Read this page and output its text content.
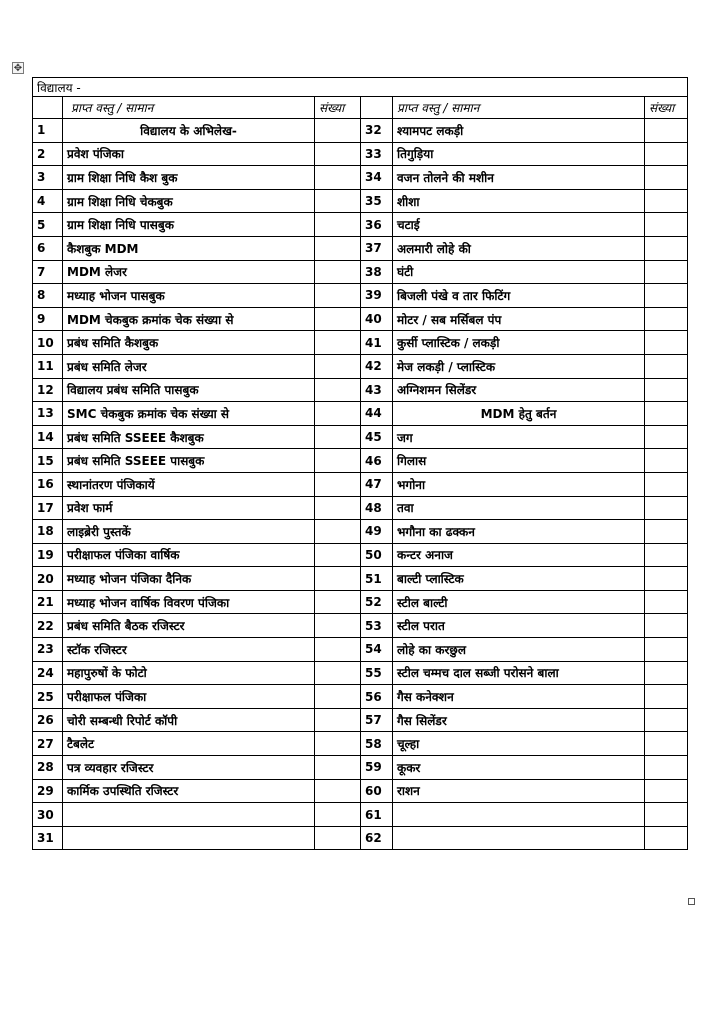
✥
विद्यालय -					
	प्राप्त वस्तु / सामान	संख्या		प्राप्त वस्तु / सामान	संख्या
1	विद्यालय के अभिलेख-		32	श्यामपट लकड़ी	
2	प्रवेश पंजिका		33	तिगुड़िया	
3	ग्राम शिक्षा निधि कैश बुक		34	वजन तोलने की मशीन	
4	ग्राम शिक्षा निधि चेकबुक		35	शीशा	
5	ग्राम शिक्षा निधि पासबुक		36	चटाई	
6	कैशबुक MDM		37	अलमारी लोहे की	
7	MDM लेजर		38	घंटी	
8	मध्याह भोजन पासबुक		39	बिजली पंखे व तार फिटिंग	
9	MDM चेकबुक क्रमांक चेक संख्या से		40	मोटर / सब मर्सिबल पंप	
10	प्रबंध समिति कैशबुक		41	कुर्सी प्लास्टिक / लकड़ी	
11	प्रबंध समिति लेजर		42	मेज लकड़ी / प्लास्टिक	
12	विद्यालय प्रबंध समिति पासबुक		43	अग्निशमन सिलेंडर	
13	SMC चेकबुक क्रमांक चेक संख्या से		44	MDM हेतु बर्तन	
14	प्रबंध समिति SSEEE कैशबुक		45	जग	
15	प्रबंध समिति SSEEE पासबुक		46	गिलास	
16	स्थानांतरण पंजिकायें		47	भगोना	
17	प्रवेश फार्म		48	तवा	
18	लाइब्रेरी पुस्तकें		49	भगौना का ढक्कन	
19	परीक्षाफल पंजिका वार्षिक		50	कन्टर अनाज	
20	मध्याह भोजन पंजिका दैनिक		51	बाल्टी प्लास्टिक	
21	मध्याह भोजन वार्षिक विवरण पंजिका		52	स्टील बाल्टी	
22	प्रबंध समिति बैठक रजिस्टर		53	स्टील परात	
23	स्टॉक रजिस्टर		54	लोहे का करछुल	
24	महापुरुषों के फोटो		55	स्टील चम्मच दाल सब्जी परोसने बाला	
25	परीक्षाफल पंजिका		56	गैस कनेक्शन	
26	चोरी सम्बन्धी रिपोर्ट कॉपी		57	गैस सिलेंडर	
27	टैबलेट		58	चूल्हा	
28	पत्र व्यवहार रजिस्टर		59	कूकर	
29	कार्मिक उपस्थिति रजिस्टर		60	राशन	
30			61		
31			62		
